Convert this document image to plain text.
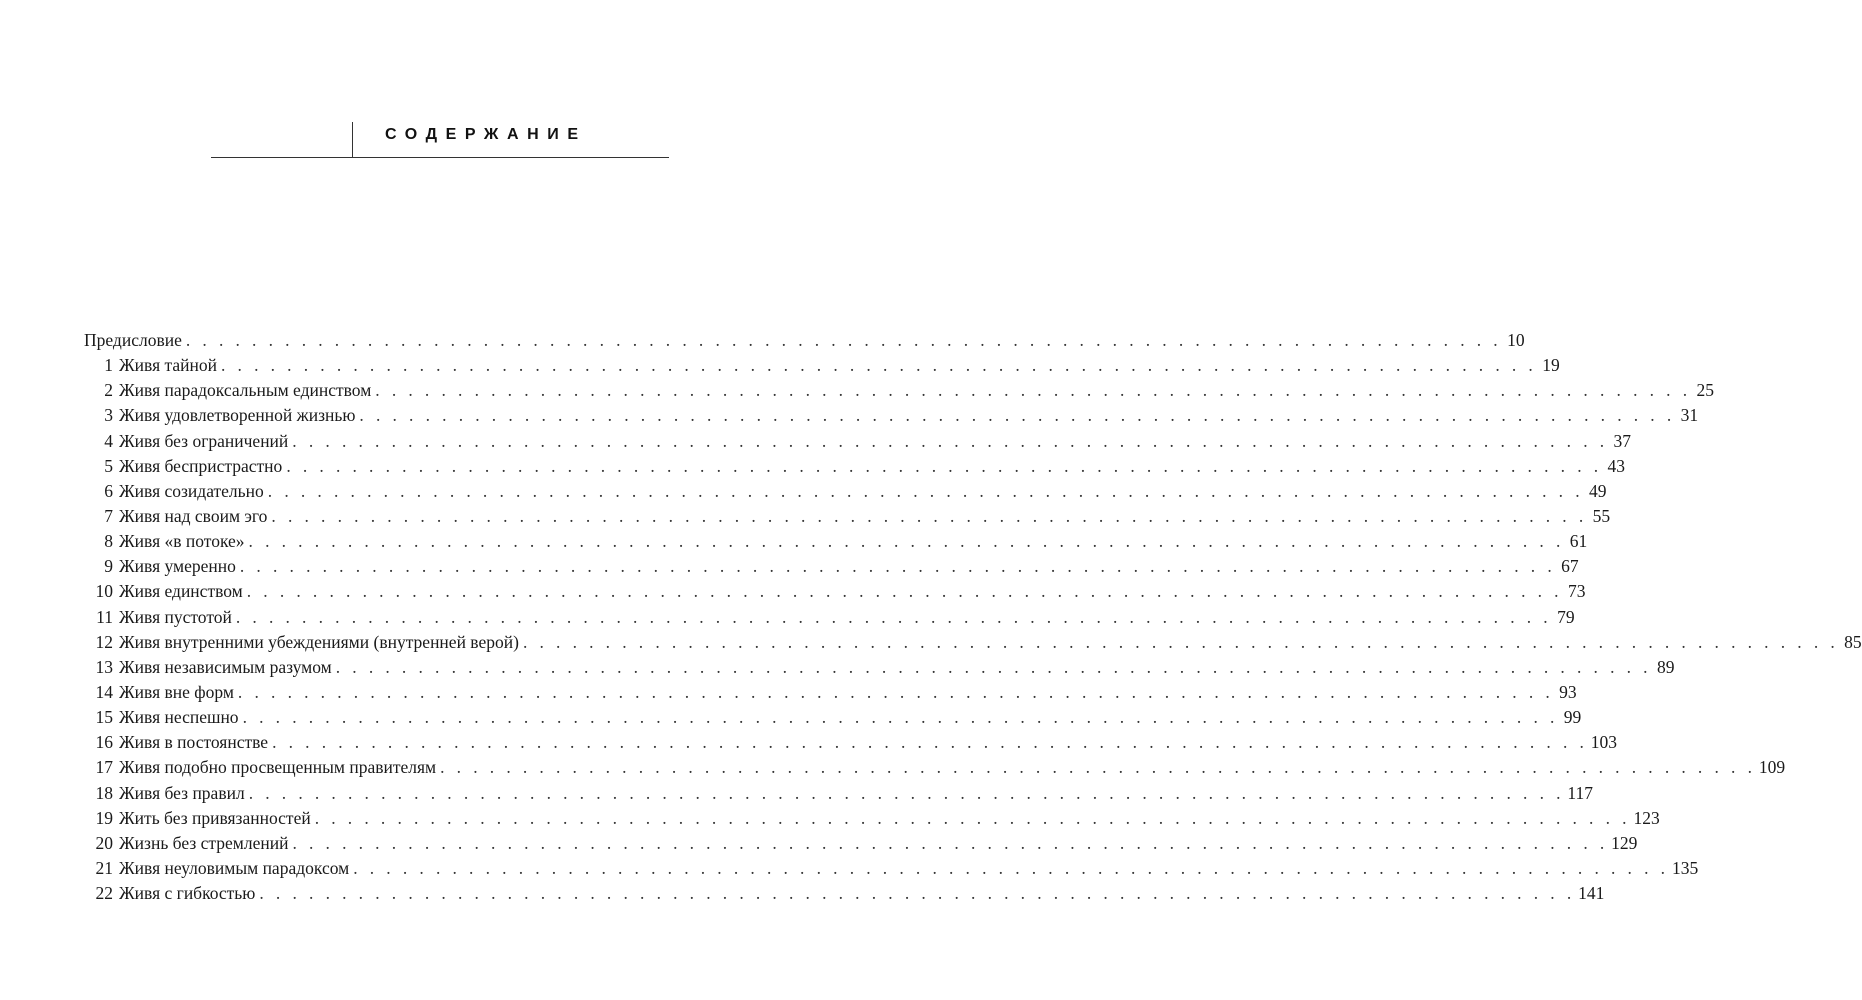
СОДЕРЖАНИЕ
Предисловие . . . . . . . . . . . . . . . . . . . . . . . . . . . . . . . . . . . . . . . . . . . . . . . . . . . . . . . . . . . . . . . . . . . . . . . . . . . . . . . . 10
1 Живя тайной . . . . . . . . . . . . . . . . . . . . . . . . . . . . . . . . . . . . . . . . . . . . . . . . . . . . . . . . . . . . . . . . . . . . . . . . . . . . . . . . 19
2 Живя парадоксальным единством . . . . . . . . . . . . . . . . . . . . . . . . . . . . . . . . . . . . . . . . . . . . . . . . . . . . . . . . . . . . . . . . . . . . . . . . . . . . . . . . 25
3 Живя удовлетворенной жизнью . . . . . . . . . . . . . . . . . . . . . . . . . . . . . . . . . . . . . . . . . . . . . . . . . . . . . . . . . . . . . . . . . . . . . . . . . . . . . . . . 31
4 Живя без ограничений . . . . . . . . . . . . . . . . . . . . . . . . . . . . . . . . . . . . . . . . . . . . . . . . . . . . . . . . . . . . . . . . . . . . . . . . . . . . . . . . 37
5 Живя беспристрастно . . . . . . . . . . . . . . . . . . . . . . . . . . . . . . . . . . . . . . . . . . . . . . . . . . . . . . . . . . . . . . . . . . . . . . . . . . . . . . . . 43
6 Живя созидательно . . . . . . . . . . . . . . . . . . . . . . . . . . . . . . . . . . . . . . . . . . . . . . . . . . . . . . . . . . . . . . . . . . . . . . . . . . . . . . . . 49
7 Живя над своим эго . . . . . . . . . . . . . . . . . . . . . . . . . . . . . . . . . . . . . . . . . . . . . . . . . . . . . . . . . . . . . . . . . . . . . . . . . . . . . . . . 55
8 Живя «в потоке» . . . . . . . . . . . . . . . . . . . . . . . . . . . . . . . . . . . . . . . . . . . . . . . . . . . . . . . . . . . . . . . . . . . . . . . . . . . . . . . . 61
9 Живя умеренно . . . . . . . . . . . . . . . . . . . . . . . . . . . . . . . . . . . . . . . . . . . . . . . . . . . . . . . . . . . . . . . . . . . . . . . . . . . . . . . . 67
10 Живя единством . . . . . . . . . . . . . . . . . . . . . . . . . . . . . . . . . . . . . . . . . . . . . . . . . . . . . . . . . . . . . . . . . . . . . . . . . . . . . . . . 73
11 Живя пустотой . . . . . . . . . . . . . . . . . . . . . . . . . . . . . . . . . . . . . . . . . . . . . . . . . . . . . . . . . . . . . . . . . . . . . . . . . . . . . . . . 79
12 Живя внутренними убеждениями (внутренней верой) . . . . . . . . . . . . . . . . . . . . . . . . . . . . . . . . . . . . . . . . . . . . . . . . . . . . . . . . . . . . . . . . . . . . . . . . . . . . . . . . 85
13 Живя независимым разумом . . . . . . . . . . . . . . . . . . . . . . . . . . . . . . . . . . . . . . . . . . . . . . . . . . . . . . . . . . . . . . . . . . . . . . . . . . . . . . . . 89
14 Живя вне форм . . . . . . . . . . . . . . . . . . . . . . . . . . . . . . . . . . . . . . . . . . . . . . . . . . . . . . . . . . . . . . . . . . . . . . . . . . . . . . . . 93
15 Живя неспешно . . . . . . . . . . . . . . . . . . . . . . . . . . . . . . . . . . . . . . . . . . . . . . . . . . . . . . . . . . . . . . . . . . . . . . . . . . . . . . . . 99
16 Живя в постоянстве . . . . . . . . . . . . . . . . . . . . . . . . . . . . . . . . . . . . . . . . . . . . . . . . . . . . . . . . . . . . . . . . . . . . . . . . . . . . . . . . 103
17 Живя подобно просвещенным правителям . . . . . . . . . . . . . . . . . . . . . . . . . . . . . . . . . . . . . . . . . . . . . . . . . . . . . . . . . . . . . . . . . . . . . . . . . . . . . . . . 109
18 Живя без правил . . . . . . . . . . . . . . . . . . . . . . . . . . . . . . . . . . . . . . . . . . . . . . . . . . . . . . . . . . . . . . . . . . . . . . . . . . . . . . . . 117
19 Жить без привязанностей . . . . . . . . . . . . . . . . . . . . . . . . . . . . . . . . . . . . . . . . . . . . . . . . . . . . . . . . . . . . . . . . . . . . . . . . . . . . . . . . 123
20 Жизнь без стремлений . . . . . . . . . . . . . . . . . . . . . . . . . . . . . . . . . . . . . . . . . . . . . . . . . . . . . . . . . . . . . . . . . . . . . . . . . . . . . . . . 129
21 Живя неуловимым парадоксом . . . . . . . . . . . . . . . . . . . . . . . . . . . . . . . . . . . . . . . . . . . . . . . . . . . . . . . . . . . . . . . . . . . . . . . . . . . . . . . . 135
22 Живя с гибкостью . . . . . . . . . . . . . . . . . . . . . . . . . . . . . . . . . . . . . . . . . . . . . . . . . . . . . . . . . . . . . . . . . . . . . . . . . . . . . . . . 141
